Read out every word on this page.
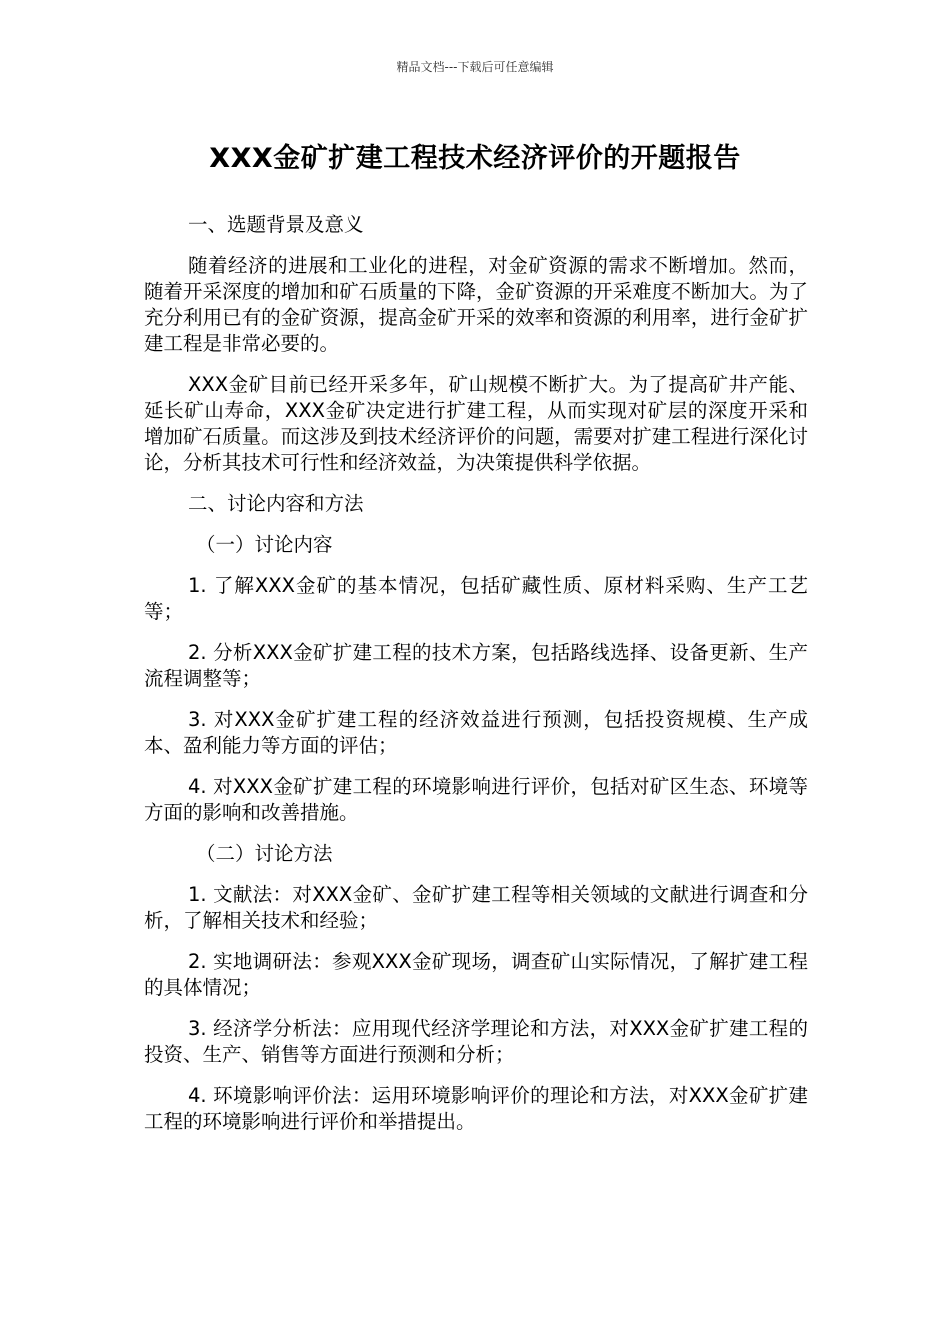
精品文档---下载后可任意编辑
XXX金矿扩建工程技术经济评价的开题报告
一、选题背景及意义

随着经济的进展和工业化的进程，对金矿资源的需求不断增加。然而，随着开采深度的增加和矿石质量的下降，金矿资源的开采难度不断加大。为了充分利用已有的金矿资源，提高金矿开采的效率和资源的利用率，进行金矿扩建工程是非常必要的。

XXX金矿目前已经开采多年，矿山规模不断扩大。为了提高矿井产能、延长矿山寿命，XXX金矿决定进行扩建工程，从而实现对矿层的深度开采和增加矿石质量。而这涉及到技术经济评价的问题，需要对扩建工程进行深化讨论，分析其技术可行性和经济效益，为决策提供科学依据。

二、讨论内容和方法
（一）讨论内容

1. 了解XXX金矿的基本情况，包括矿藏性质、原材料采购、生产工艺等；

2. 分析XXX金矿扩建工程的技术方案，包括路线选择、设备更新、生产流程调整等；

3. 对XXX金矿扩建工程的经济效益进行预测，包括投资规模、生产成本、盈利能力等方面的评估；

4. 对XXX金矿扩建工程的环境影响进行评价，包括对矿区生态、环境等方面的影响和改善措施。

（二）讨论方法

1. 文献法：对XXX金矿、金矿扩建工程等相关领域的文献进行调查和分析，了解相关技术和经验；

2. 实地调研法：参观XXX金矿现场，调查矿山实际情况，了解扩建工程的具体情况；

3. 经济学分析法：应用现代经济学理论和方法，对XXX金矿扩建工程的投资、生产、销售等方面进行预测和分析；

4. 环境影响评价法：运用环境影响评价的理论和方法，对XXX金矿扩建工程的环境影响进行评价和举措提出。
